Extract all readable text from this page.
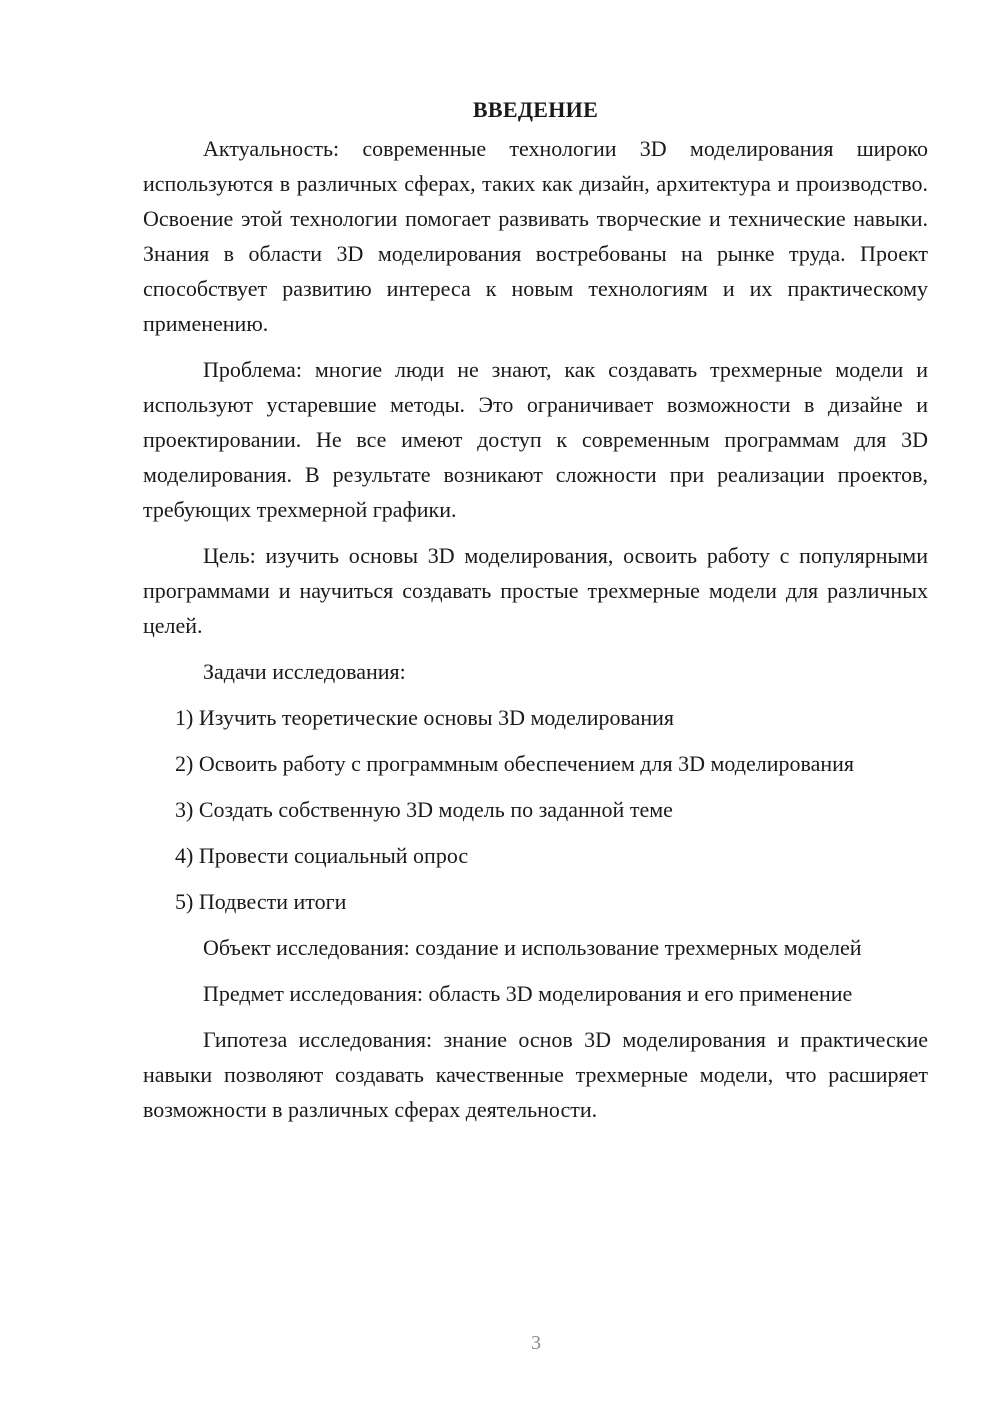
ВВЕДЕНИЕ

Актуальность: современные технологии 3D моделирования широко используются в различных сферах, таких как дизайн, архитектура и производство. Освоение этой технологии помогает развивать творческие и технические навыки. Знания в области 3D моделирования востребованы на рынке труда. Проект способствует развитию интереса к новым технологиям и их практическому применению.

Проблема: многие люди не знают, как создавать трехмерные модели и используют устаревшие методы. Это ограничивает возможности в дизайне и проектировании. Не все имеют доступ к современным программам для 3D моделирования. В результате возникают сложности при реализации проектов, требующих трехмерной графики.

Цель: изучить основы 3D моделирования, освоить работу с популярными программами и научиться создавать простые трехмерные модели для различных целей.

Задачи исследования:

1) Изучить теоретические основы 3D моделирования

2) Освоить работу с программным обеспечением для 3D моделирования

3) Создать собственную 3D модель по заданной теме

4) Провести социальный опрос

5) Подвести итоги

Объект исследования: создание и использование трехмерных моделей

Предмет исследования: область 3D моделирования и его применение

Гипотеза исследования: знание основ 3D моделирования и практические навыки позволяют создавать качественные трехмерные модели, что расширяет возможности в различных сферах деятельности.

3
